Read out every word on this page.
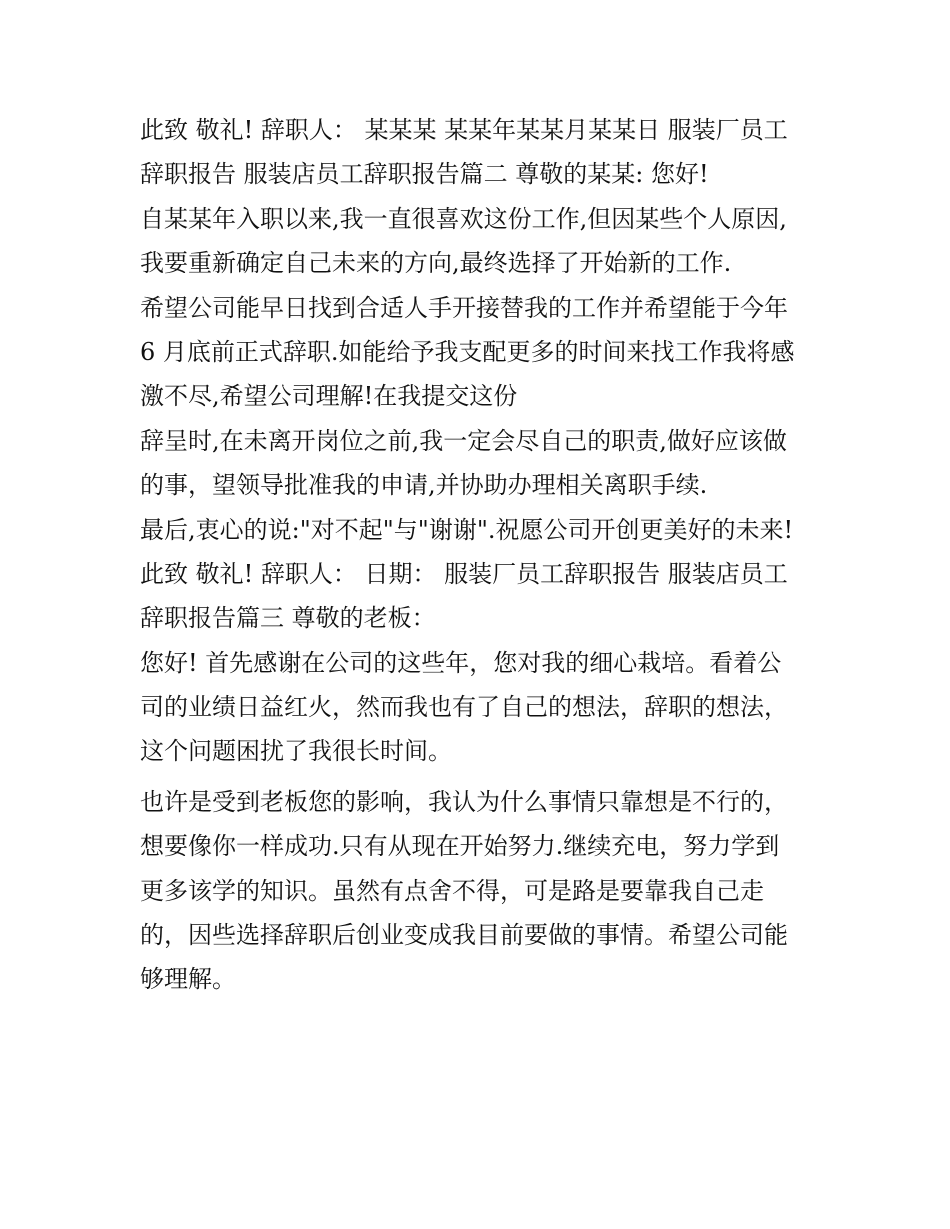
此致 敬礼! 辞职人： 某某某 某某年某某月某某日 服装厂员工

辞职报告 服装店员工辞职报告篇二 尊敬的某某: 您好!

自某某年入职以来,我一直很喜欢这份工作,但因某些个人原因,

我要重新确定自己未来的方向,最终选择了开始新的工作.

希望公司能早日找到合适人手开接替我的工作并希望能于今年

6 月底前正式辞职.如能给予我支配更多的时间来找工作我将感

激不尽,希望公司理解!在我提交这份

辞呈时,在未离开岗位之前,我一定会尽自己的职责,做好应该做

的事，望领导批准我的申请,并协助办理相关离职手续.

最后,衷心的说:"对不起"与"谢谢".祝愿公司开创更美好的未来!

此致 敬礼! 辞职人： 日期： 服装厂员工辞职报告 服装店员工

辞职报告篇三 尊敬的老板：

您好! 首先感谢在公司的这些年，您对我的细心栽培。看着公

司的业绩日益红火，然而我也有了自己的想法，辞职的想法，

这个问题困扰了我很长时间。

也许是受到老板您的影响，我认为什么事情只靠想是不行的，

想要像你一样成功.只有从现在开始努力.继续充电，努力学到

更多该学的知识。虽然有点舍不得，可是路是要靠我自己走

的，因些选择辞职后创业变成我目前要做的事情。希望公司能

够理解。
